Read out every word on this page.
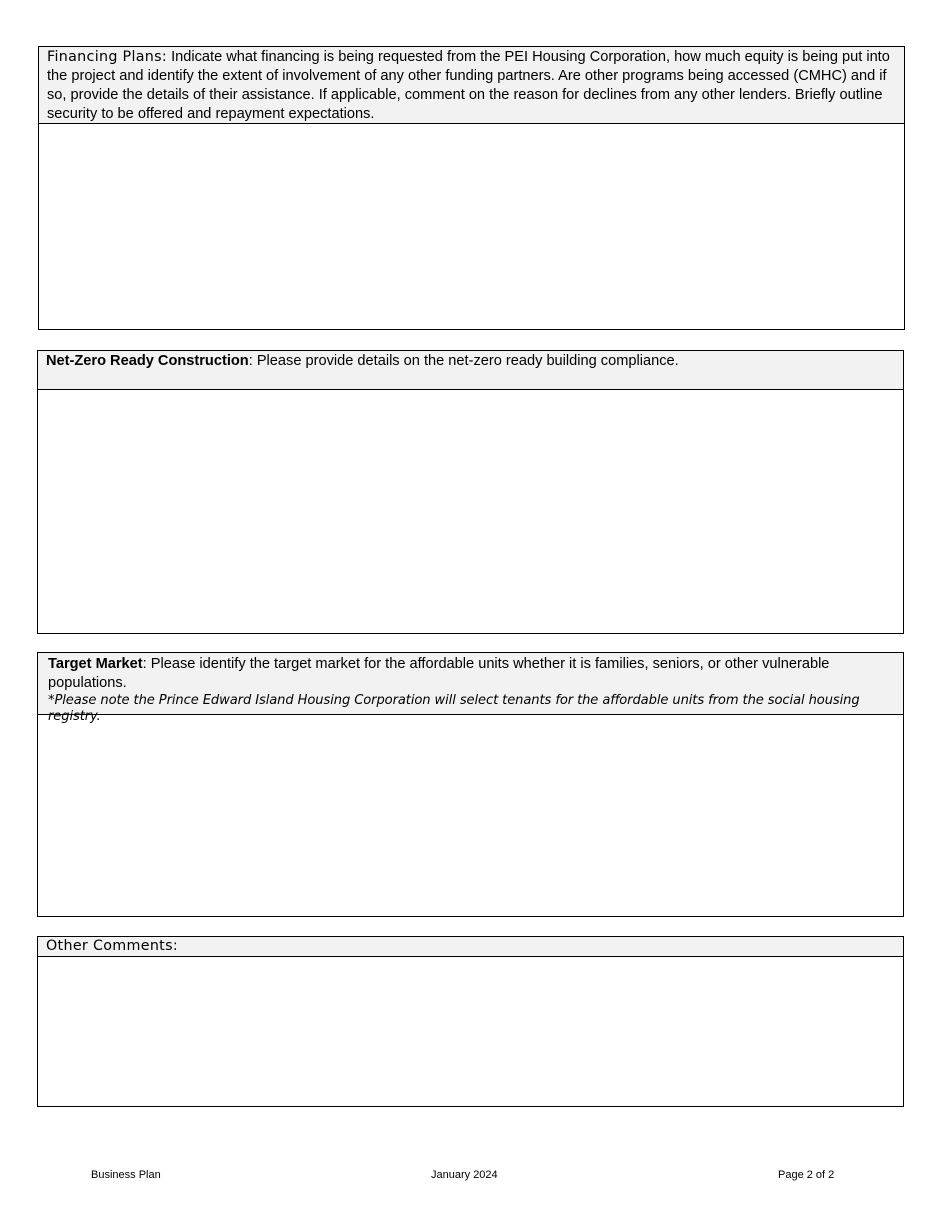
Financing Plans: Indicate what financing is being requested from the PEI Housing Corporation, how much equity is being put into the project and identify the extent of involvement of any other funding partners. Are other programs being accessed (CMHC) and if so, provide the details of their assistance. If applicable, comment on the reason for declines from any other lenders. Briefly outline security to be offered and repayment expectations.
Net-Zero Ready Construction: Please provide details on the net-zero ready building compliance.
Target Market: Please identify the target market for the affordable units whether it is families, seniors, or other vulnerable populations.
*Please note the Prince Edward Island Housing Corporation will select tenants for the affordable units from the social housing registry.
Other Comments:
Business Plan	January 2024	Page 2 of 2
